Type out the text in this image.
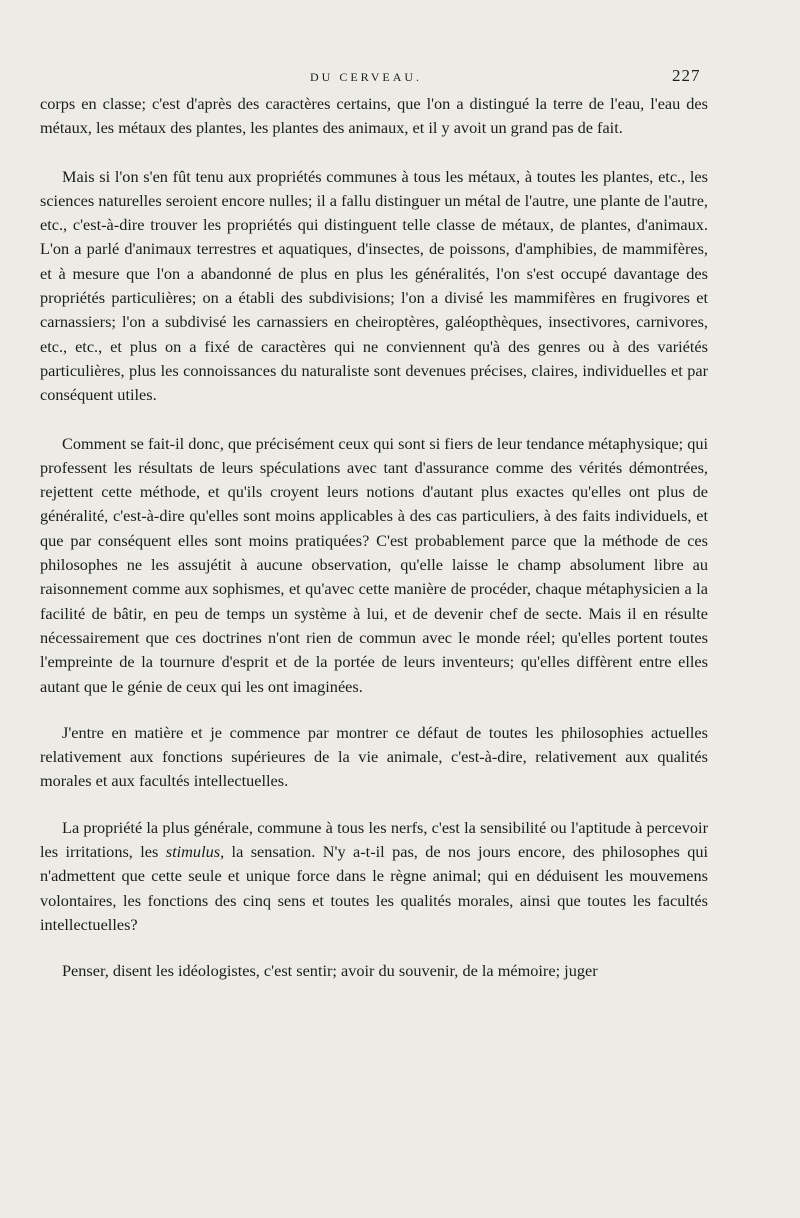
DU CERVEAU.	227

corps en classe; c'est d'après des caractères certains, que l'on a distingué la terre de l'eau, l'eau des métaux, les métaux des plantes, les plantes des animaux, et il y avoit un grand pas de fait.

Mais si l'on s'en fût tenu aux propriétés communes à tous les métaux, à toutes les plantes, etc., les sciences naturelles seroient encore nulles; il a fallu distinguer un métal de l'autre, une plante de l'autre, etc., c'est-à-dire trouver les propriétés qui distinguent telle classe de métaux, de plantes, d'animaux. L'on a parlé d'animaux terrestres et aquatiques, d'insectes, de poissons, d'amphibies, de mammifères, et à mesure que l'on a abandonné de plus en plus les généralités, l'on s'est occupé davantage des propriétés particulières; on a établi des subdivisions; l'on a divisé les mammifères en frugivores et carnassiers; l'on a subdivisé les carnassiers en cheiroptères, galéopthèques, insectivores, carnivores, etc., etc., et plus on a fixé de caractères qui ne conviennent qu'à des genres ou à des variétés particulières, plus les connoissances du naturaliste sont devenues précises, claires, individuelles et par conséquent utiles.

Comment se fait-il donc, que précisément ceux qui sont si fiers de leur tendance métaphysique; qui professent les résultats de leurs spéculations avec tant d'assurance comme des vérités démontrées, rejettent cette méthode, et qu'ils croyent leurs notions d'autant plus exactes qu'elles ont plus de généralité, c'est-à-dire qu'elles sont moins applicables à des cas particuliers, à des faits individuels, et que par conséquent elles sont moins pratiquées? C'est probablement parce que la méthode de ces philosophes ne les assujétit à aucune observation, qu'elle laisse le champ absolument libre au raisonnement comme aux sophismes, et qu'avec cette manière de procéder, chaque métaphysicien a la facilité de bâtir, en peu de temps un système à lui, et de devenir chef de secte. Mais il en résulte nécessairement que ces doctrines n'ont rien de commun avec le monde réel; qu'elles portent toutes l'empreinte de la tournure d'esprit et de la portée de leurs inventeurs; qu'elles diffèrent entre elles autant que le génie de ceux qui les ont imaginées.

J'entre en matière et je commence par montrer ce défaut de toutes les philosophies actuelles relativement aux fonctions supérieures de la vie animale, c'est-à-dire, relativement aux qualités morales et aux facultés intellectuelles.

La propriété la plus générale, commune à tous les nerfs, c'est la sensibilité ou l'aptitude à percevoir les irritations, les stimulus, la sensation. N'y a-t-il pas, de nos jours encore, des philosophes qui n'admettent que cette seule et unique force dans le règne animal; qui en déduisent les mouvemens volontaires, les fonctions des cinq sens et toutes les qualités morales, ainsi que toutes les facultés intellectuelles?

Penser, disent les idéologistes, c'est sentir; avoir du souvenir, de la mémoire; juger
